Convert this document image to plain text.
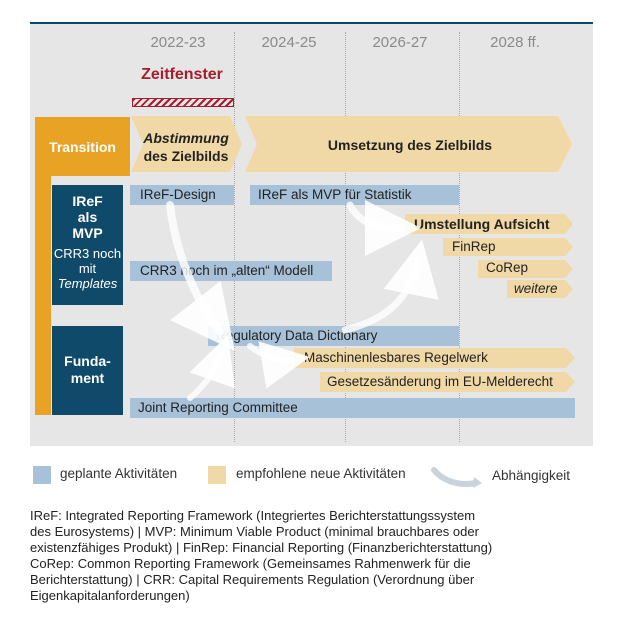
2022-23	2024-25	2026-27	2028 ff.
Zeitfenster
Transition
IReF
als
MVP
CRR3 noch mit
Templates
Funda-
ment
Abstimmung
des Zielbilds
Umsetzung des Zielbilds
IReF-Design	IReF als MVP für Statistik
Umstellung Aufsicht
FinRep
CoRep
weitere
CRR3 noch im „alten“ Modell
Regulatory Data Dictionary
Maschinenlesbares Regelwerk
Gesetzesänderung im EU-Melderecht
Joint Reporting Committee
geplante Aktivitäten	empfohlene neue Aktivitäten	Abhängigkeit
IReF: Integrated Reporting Framework (Integriertes Berichterstattungssystem
des Eurosystems) | MVP: Minimum Viable Product (minimal brauchbares oder
existenzfähiges Produkt) | FinRep: Financial Reporting (Finanzberichterstattung)
CoRep: Common Reporting Framework (Gemeinsames Rahmenwerk für die
Berichterstattung) | CRR: Capital Requirements Regulation (Verordnung über
Eigenkapitalanforderungen)
